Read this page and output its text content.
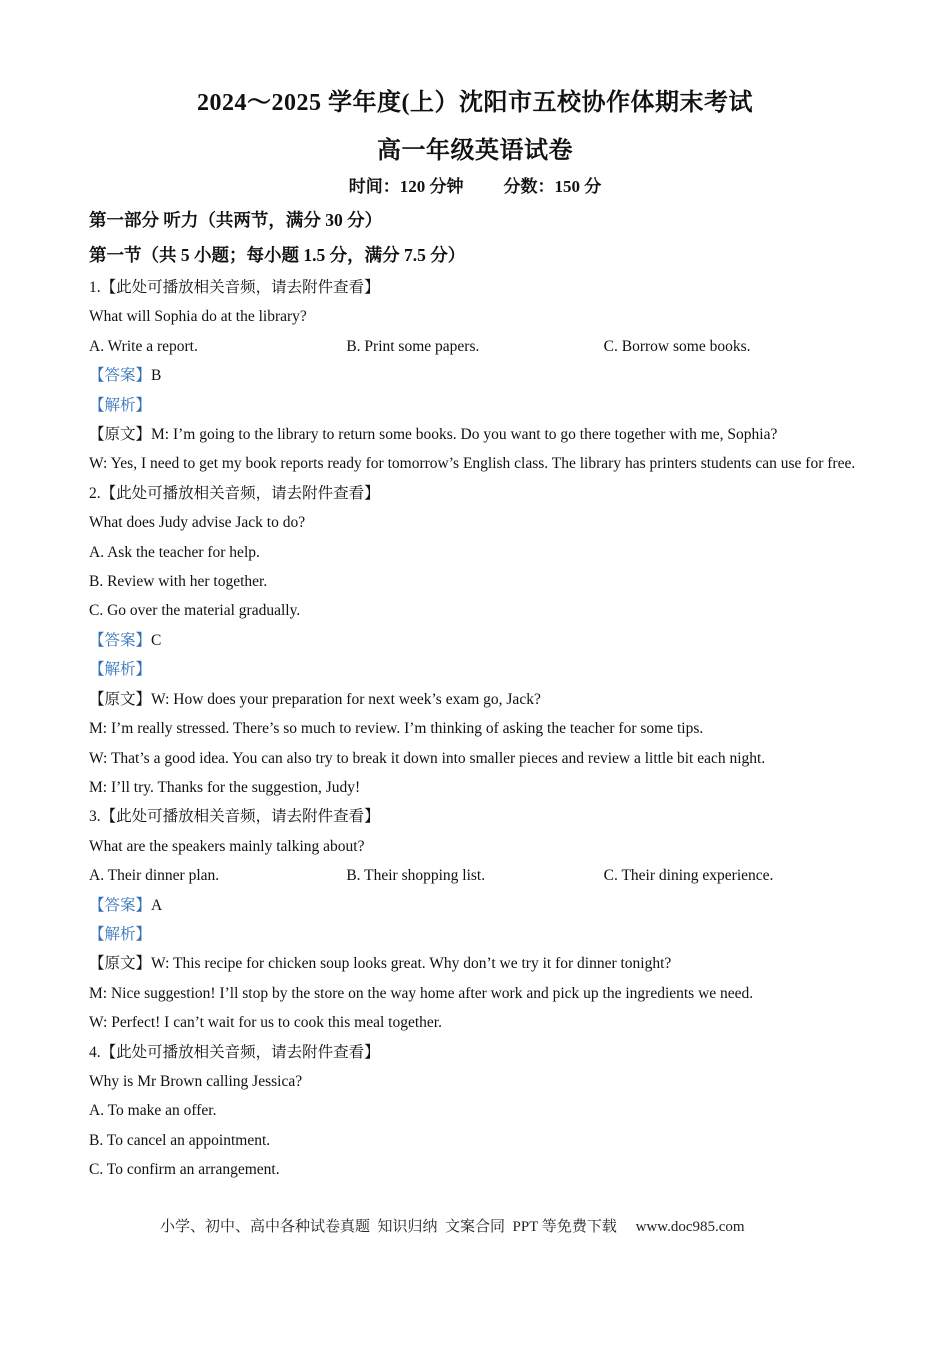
2024～2025 学年度(上）沈阳市五校协作体期末考试
高一年级英语试卷
时间：120 分钟 分数：150 分
第一部分 听力（共两节，满分 30 分）
第一节（共 5 小题；每小题 1.5 分，满分 7.5 分）
1.【此处可播放相关音频，请去附件查看】
What will Sophia do at the library?
A. Write a report.	B. Print some papers.	C. Borrow some books.
【答案】B
【解析】
【原文】M: I’m going to the library to return some books. Do you want to go there together with me, Sophia?
W: Yes, I need to get my book reports ready for tomorrow’s English class. The library has printers students can use for free.
2.【此处可播放相关音频，请去附件查看】
What does Judy advise Jack to do?
A. Ask the teacher for help.
B. Review with her together.
C. Go over the material gradually.
【答案】C
【解析】
【原文】W: How does your preparation for next week’s exam go, Jack?
M: I’m really stressed. There’s so much to review. I’m thinking of asking the teacher for some tips.
W: That’s a good idea. You can also try to break it down into smaller pieces and review a little bit each night.
M: I’ll try. Thanks for the suggestion, Judy!
3.【此处可播放相关音频，请去附件查看】
What are the speakers mainly talking about?
A. Their dinner plan.	B. Their shopping list.	C. Their dining experience.
【答案】A
【解析】
【原文】W: This recipe for chicken soup looks great. Why don’t we try it for dinner tonight?
M: Nice suggestion! I’ll stop by the store on the way home after work and pick up the ingredients we need.
W: Perfect! I can’t wait for us to cook this meal together.
4.【此处可播放相关音频，请去附件查看】
Why is Mr Brown calling Jessica?
A. To make an offer.
B. To cancel an appointment.
C. To confirm an arrangement.
小学、初中、高中各种试卷真题  知识归纳  文案合同  PPT 等免费下载 www.doc985.com
